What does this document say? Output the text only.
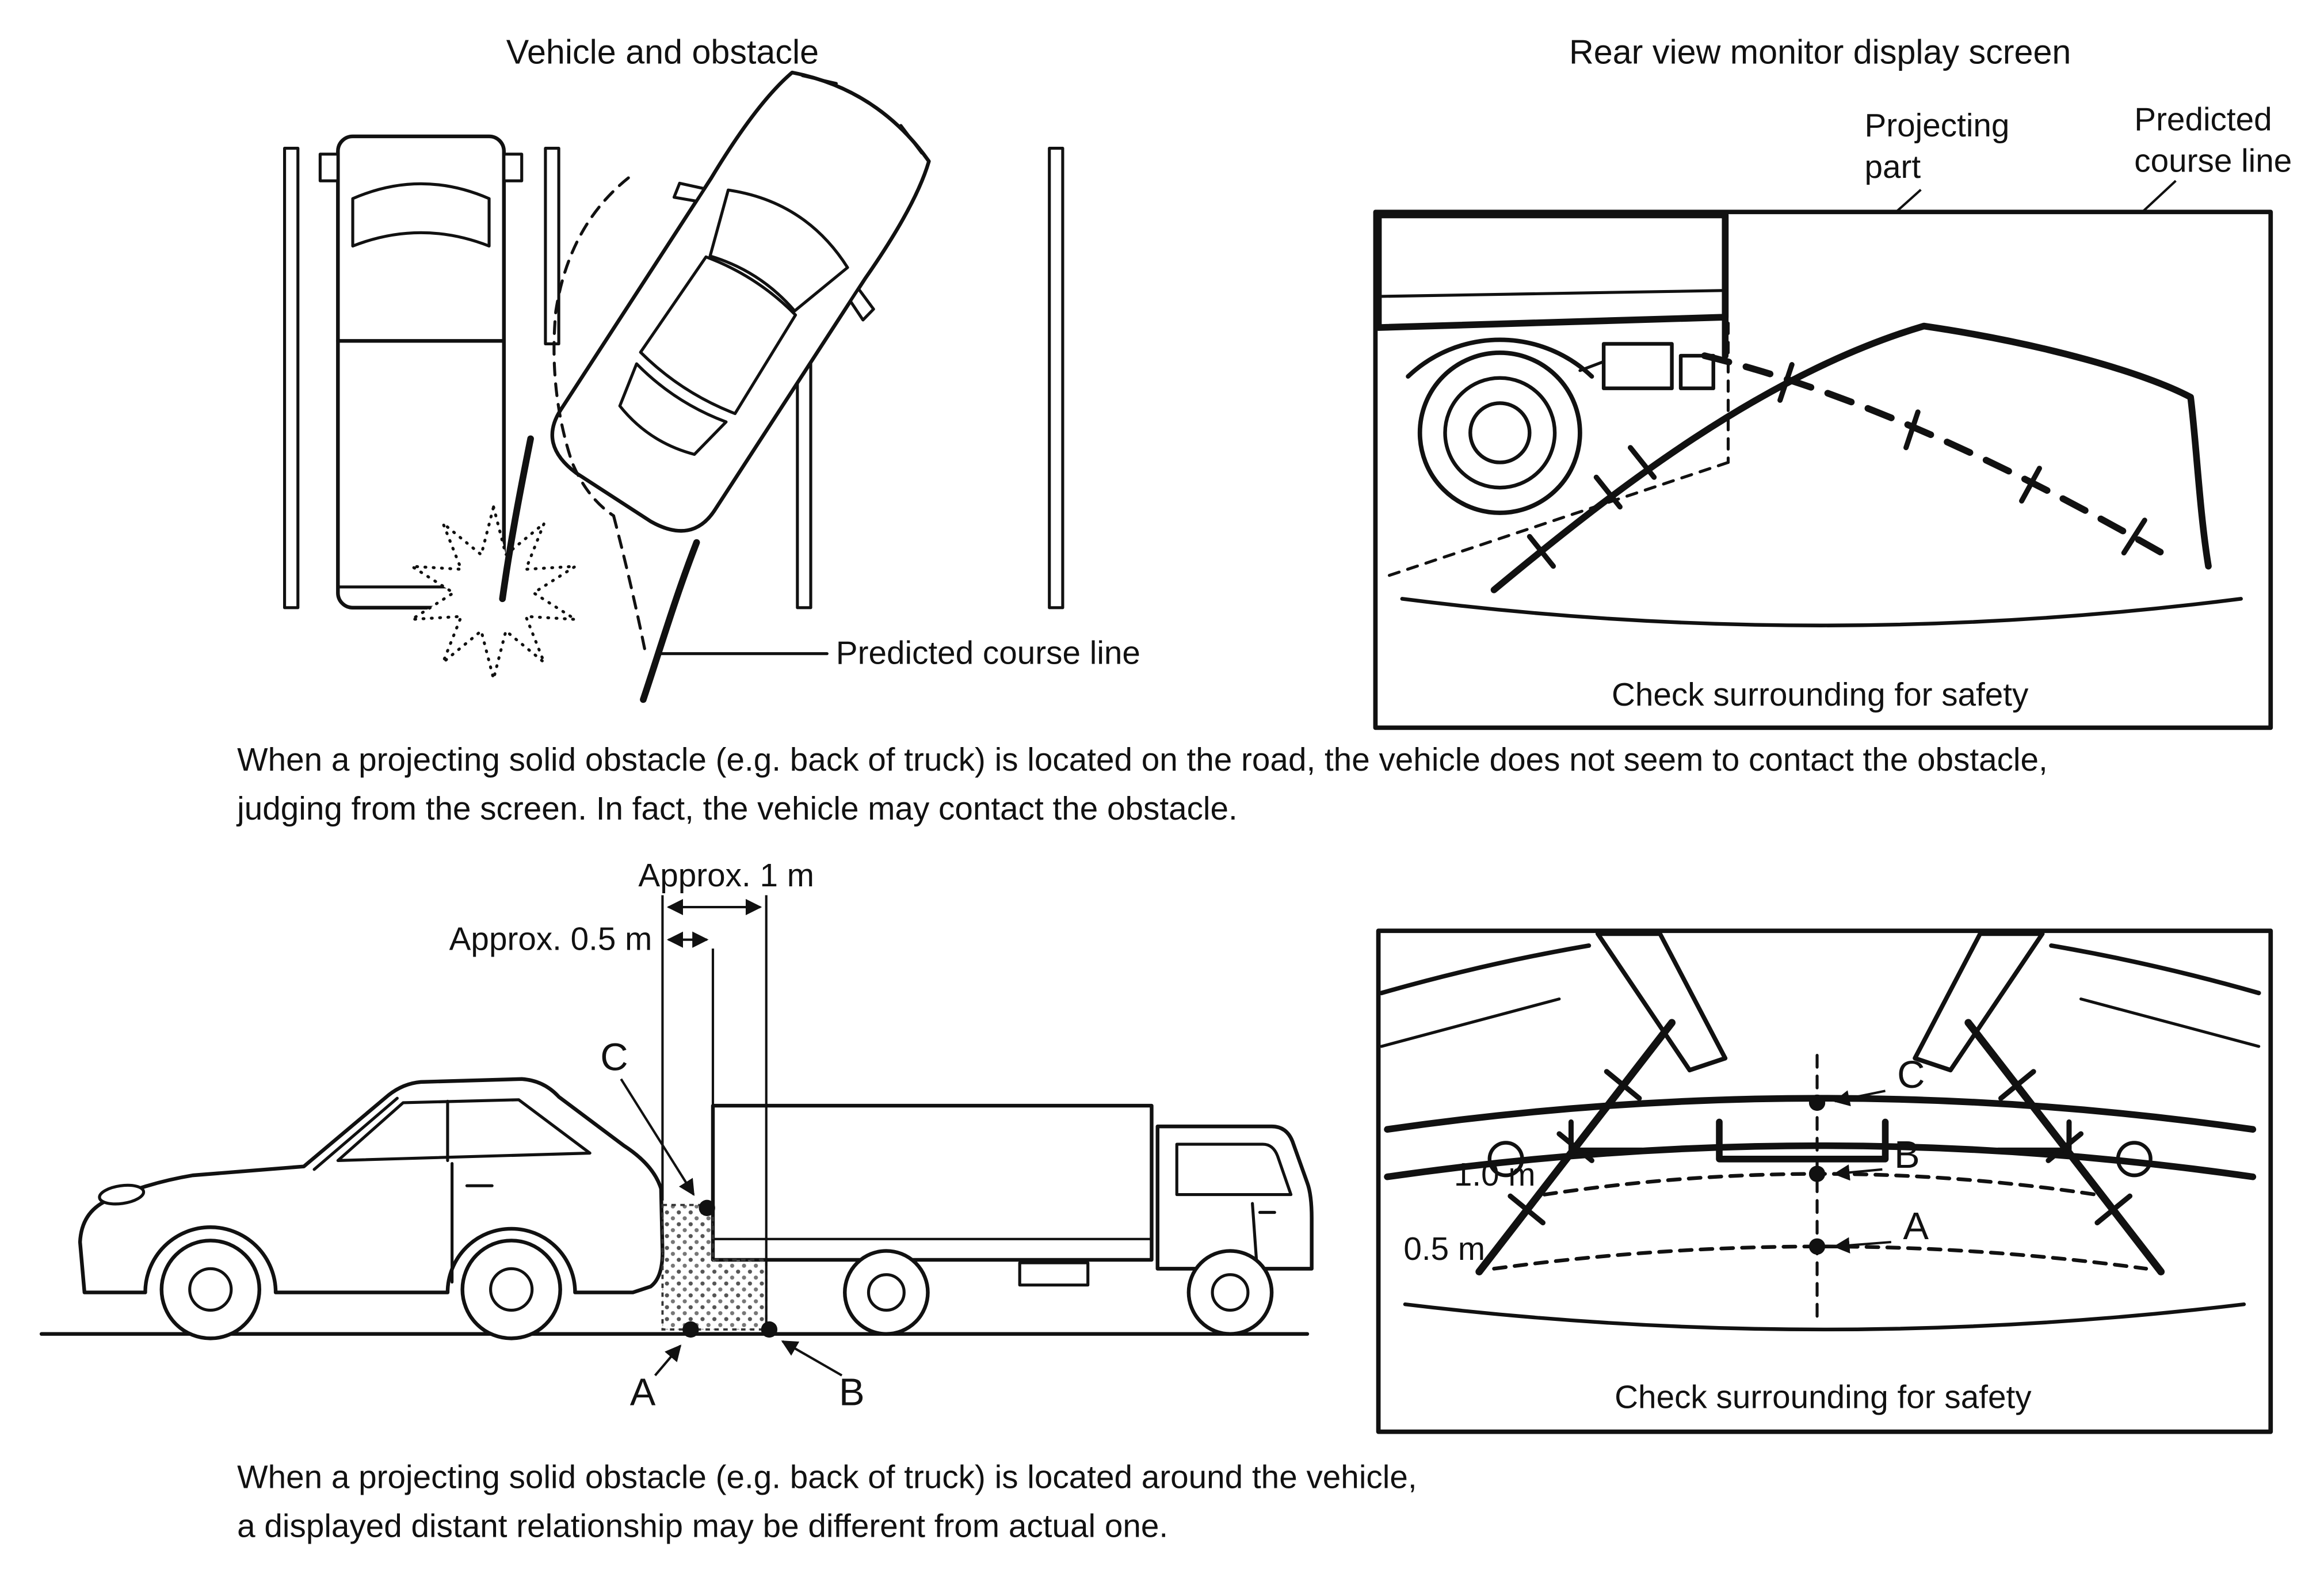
Vehicle and obstacle
Predicted course line
Rear view monitor display screen
Projecting
part
Predicted
course line
Check surrounding for safety
When a projecting solid obstacle (e.g. back of truck) is located on the road, the vehicle does not seem to contact the obstacle,
judging from the screen. In fact, the vehicle may contact the obstacle.
Approx. 1 m
Approx. 0.5 m
C
A	B
1.0 m
0.5 m
C
B
A
Check surrounding for safety
When a projecting solid obstacle (e.g. back of truck) is located around the vehicle,
a displayed distant relationship may be different from actual one.
